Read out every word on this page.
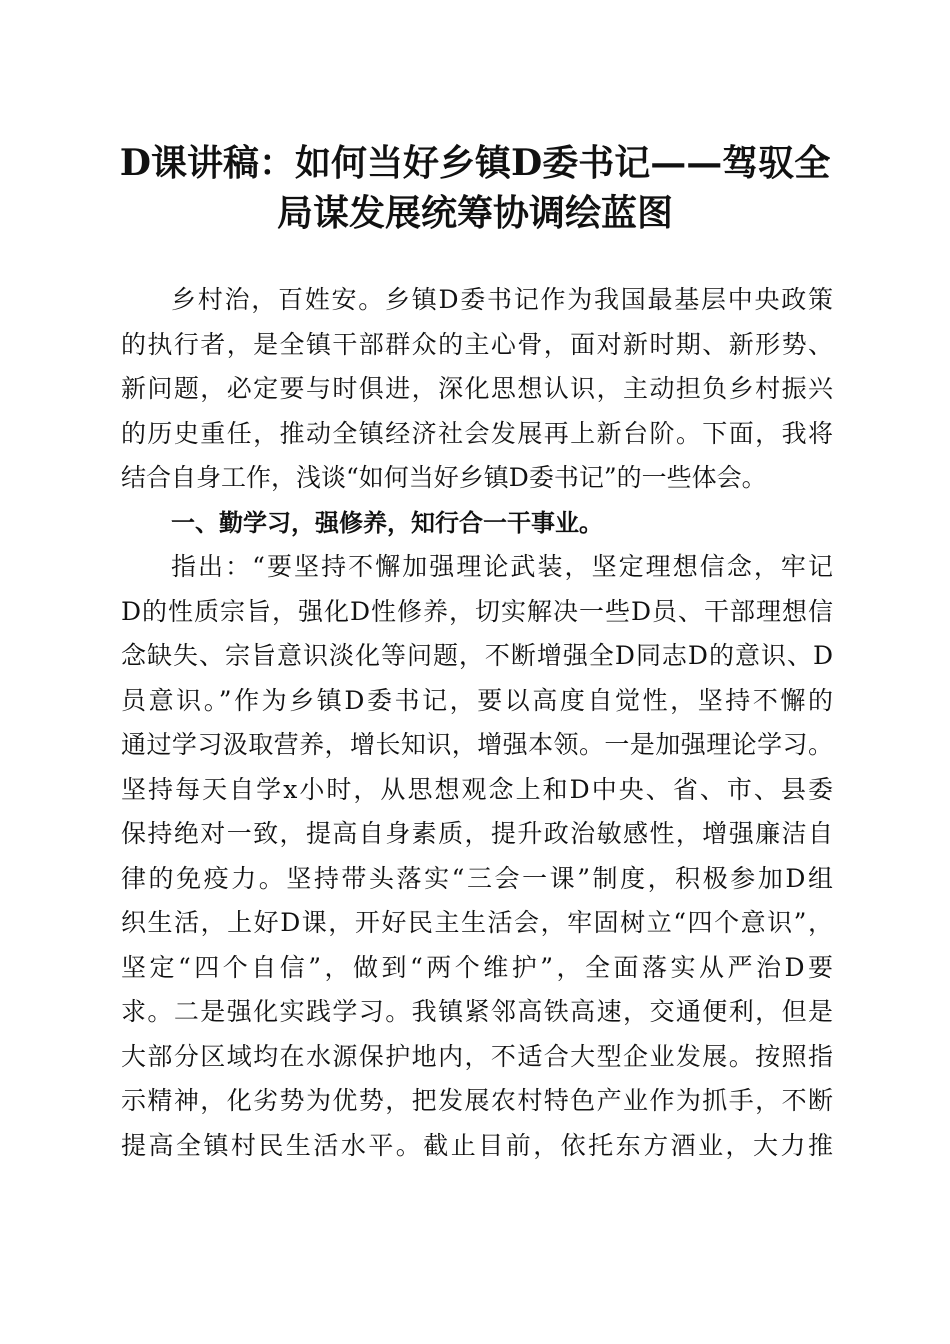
D课讲稿：如何当好乡镇D委书记——驾驭全
局谋发展统筹协调绘蓝图
乡村治，百姓安。乡镇D委书记作为我国最基层中央政策
的执行者，是全镇干部群众的主心骨，面对新时期、新形势、
新问题，必定要与时俱进，深化思想认识，主动担负乡村振兴
的历史重任，推动全镇经济社会发展再上新台阶。下面，我将
结合自身工作，浅谈“如何当好乡镇D委书记”的一些体会。
一、勤学习，强修养，知行合一干事业。
指出：“要坚持不懈加强理论武装，坚定理想信念，牢记
D的性质宗旨，强化D性修养，切实解决一些D员、干部理想信
念缺失、宗旨意识淡化等问题，不断增强全D同志D的意识、D
员意识。”作为乡镇D委书记，要以高度自觉性，坚持不懈的
通过学习汲取营养，增长知识，增强本领。一是加强理论学习。
坚持每天自学x小时，从思想观念上和D中央、省、市、县委
保持绝对一致，提高自身素质，提升政治敏感性，增强廉洁自
律的免疫力。坚持带头落实“三会一课”制度，积极参加D组
织生活，上好D课，开好民主生活会，牢固树立“四个意识”，
坚定“四个自信”，做到“两个维护”，全面落实从严治D要
求。二是强化实践学习。我镇紧邻高铁高速，交通便利，但是
大部分区域均在水源保护地内，不适合大型企业发展。按照指
示精神，化劣势为优势，把发展农村特色产业作为抓手，不断
提高全镇村民生活水平。截止目前，依托东方酒业，大力推
